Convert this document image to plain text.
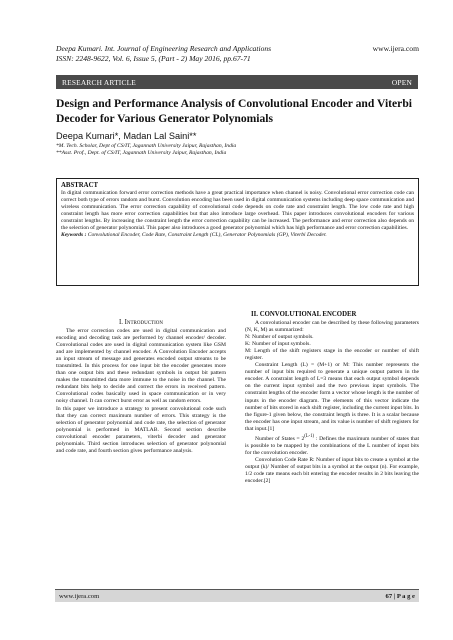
Deepa Kumari. Int. Journal of Engineering Research and Applications	www.ijera.com
ISSN: 2248-9622, Vol. 6, Issue 5, (Part - 2) May 2016, pp.67-71
RESEARCH ARTICLE	OPEN
Design and Performance Analysis of Convolutional Encoder and Viterbi Decoder for Various Generator Polynomials
Deepa Kumari*, Madan Lal Saini**
*M. Tech. Scholar, Dept of CS/IT, Jagannath University Jaipur, Rajasthan, India
**Asst. Prof., Dept. of CS/IT, Jagannath University Jaipur, Rajasthan, India
ABSTRACT
In digital communication forward error correction methods have a great practical importance when channel is noisy. Convolutional error correction code can correct both type of errors random and burst. Convolution encoding has been used in digital communication systems including deep space communication and wireless communication. The error correction capability of convolutional code depends on code rate and constraint length. The low code rate and high constraint length has more error correction capabilities but that also introduce large overhead. This paper introduces convolutional encoders for various constraint lengths. By increasing the constraint length the error correction capability can be increased. The performance and error correction also depends on the selection of generator polynomial. This paper also introduces a good generator polynomial which has high performance and error correction capabilities.
Keywords : Convolutional Encoder, Code Rate, Constraint Length (CL), Generator Polynomials (GP), Viterbi Decoder.
I. Introduction

The error correction codes are used in digital communication and encoding and decoding task are performed by channel encoder/ decoder. Convolutional codes are used in digital communication system like GSM and are implemented by channel encoder. A Convolution Encoder accepts an input stream of message and generates encoded output streams to be transmitted. In this process for one input bit the encoder generates more than one output bits and these redundant symbols in output bit pattern makes the transmitted data more immune to the noise in the channel. The redundant bits help to decide and correct the errors in received pattern. Convolutional codes basically used in space communication or in very noisy channel. It can correct burst error as well as random errors.

In this paper we introduce a strategy to present convolutional code such that they can correct maximum number of errors. This strategy is the selection of generator polynomial and code rate, the selection of generator polynomial is performed in MATLAB. Second section describe convolutional encoder parameters, viterbi decoder and generator polynomials. Third section introduces selection of generator polynomial and code rate, and fourth section gives performance analysis.

II. CONVOLUTIONAL ENCODER

A convolutional encoder can be described by these following parameters (N, K, M) as summarized:

N: Number of output symbols.

K: Number of input symbols.

M: Length of the shift registers stage in the encoder or number of shift register.

Constraint Length (L) = (M+1) or M: This number represents the number of input bits required to generate a unique output pattern in the encoder. A constraint length of L=3 means that each output symbol depends on the current input symbol and the two previous input symbols. The constraint lengths of the encoder form a vector whose length is the number of inputs in the encoder diagram. The elements of this vector indicate the number of bits stored in each shift register, including the current input bits. In the figure-1 given below, the constraint length is three. It is a scalar because the encoder has one input stream, and its value is number of shift registers for that input.[1]

Number of States = $2^{(L-1)}$ : Defines the maximum number of states that is possible to be mapped by the combinations of the L number of input bits for the convolution encoder.

Convolution Code Rate R: Number of input bits to create a symbol at the output (k)/ Number of output bits in a symbol at the output (n). For example, 1/2 code rate means each bit entering the encoder results in 2 bits leaving the encoder.[2]

www.ijera.com	67 | P a g e
